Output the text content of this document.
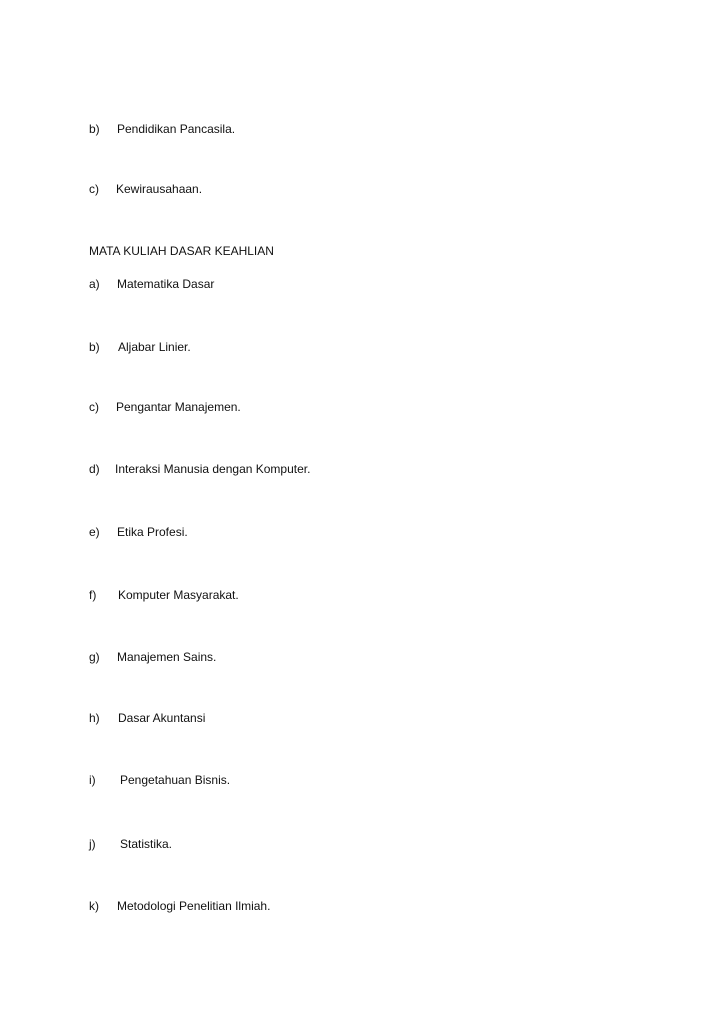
b) Pendidikan Pancasila.
c) Kewirausahaan.
MATA KULIAH DASAR KEAHLIAN
a) Matematika Dasar
b) Aljabar Linier.
c) Pengantar Manajemen.
d) Interaksi Manusia dengan Komputer.
e) Etika Profesi.
f) Komputer Masyarakat.
g) Manajemen Sains.
h) Dasar Akuntansi
i) Pengetahuan Bisnis.
j) Statistika.
k) Metodologi Penelitian Ilmiah.
